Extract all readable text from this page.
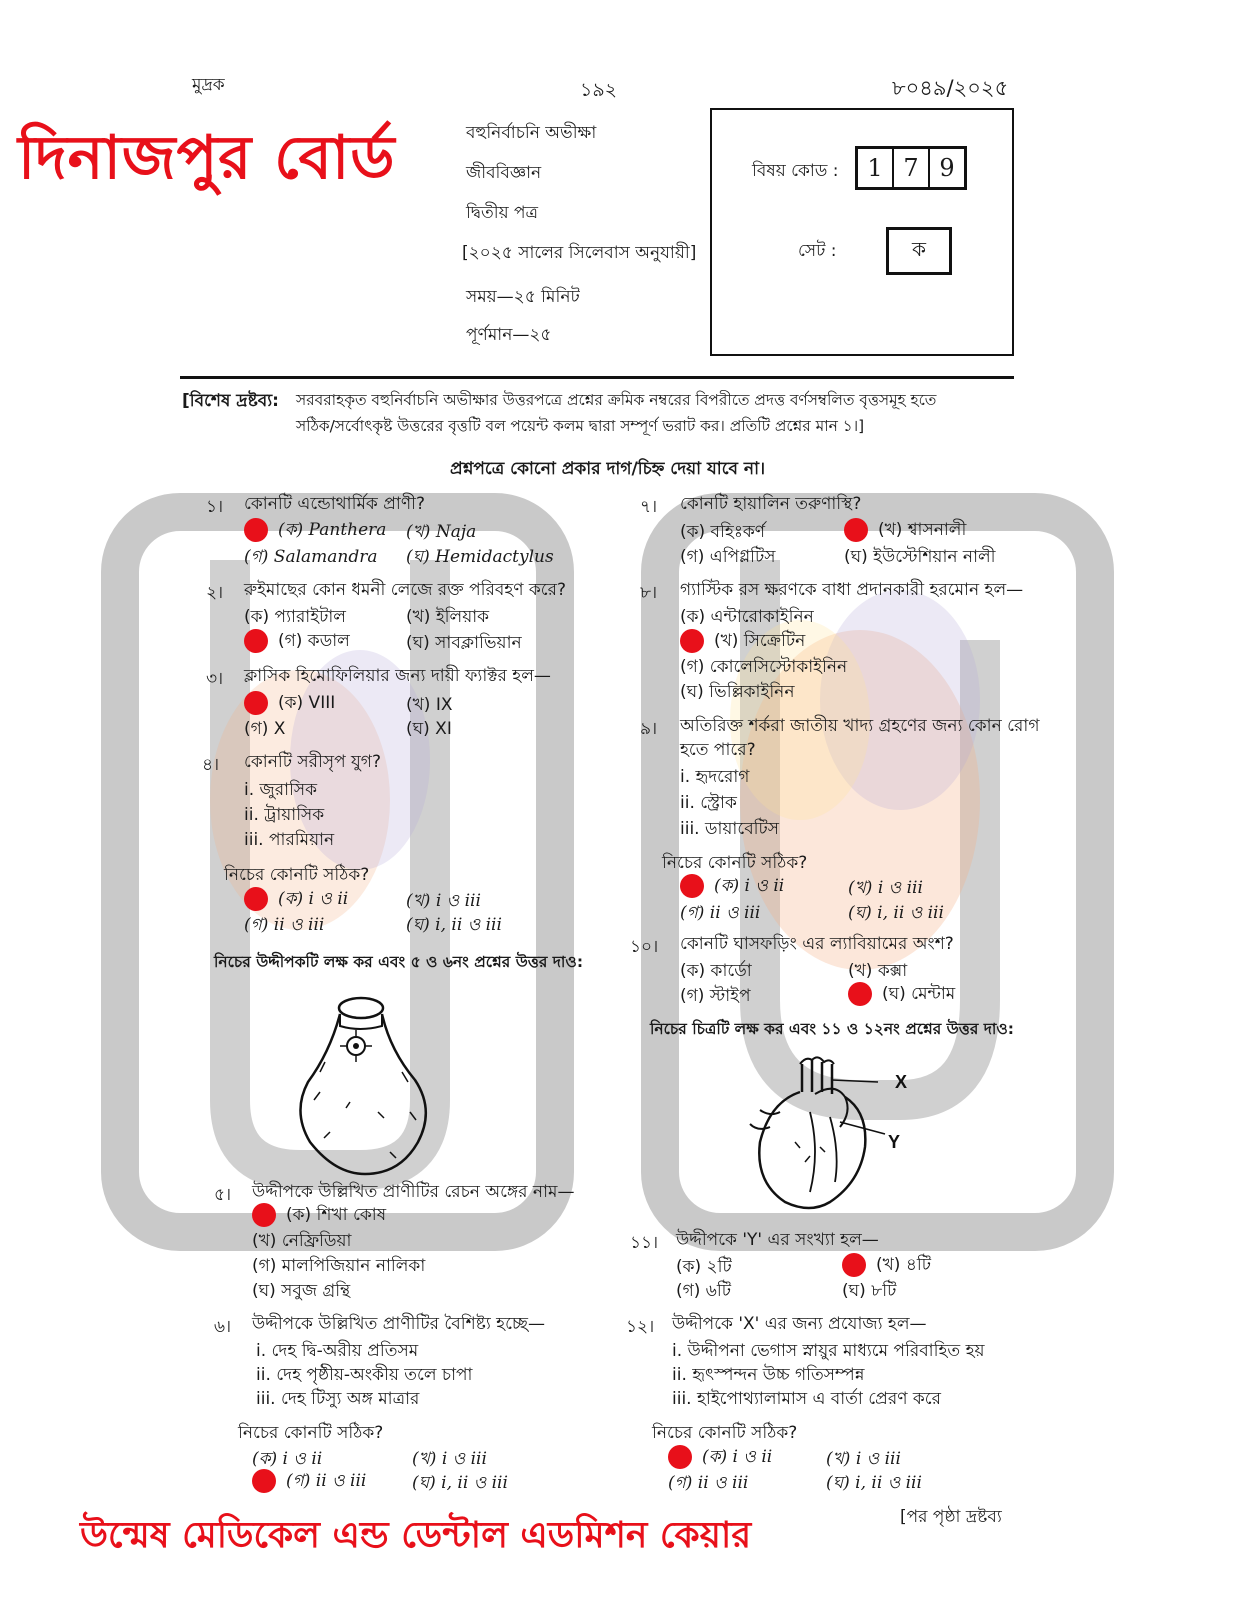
মুদ্রক	১৯২	৮০৪৯/২০২৫
দিনাজপুর বোর্ড	বহুনির্বাচনি অভীক্ষা
জীববিজ্ঞান
দ্বিতীয় পত্র
[২০২৫ সালের সিলেবাস অনুযায়ী]
সময়—২৫ মিনিট
পূর্ণমান—২৫
বিষয় কোড :	1 7 9
সেট :	ক
[বিশেষ দ্রষ্টব্য: সরবরাহকৃত বহুনির্বাচনি অভীক্ষার উত্তরপত্রে প্রশ্নের ক্রমিক নম্বরের বিপরীতে প্রদত্ত বর্ণসম্বলিত বৃত্তসমূহ হতে
সঠিক/সর্বোৎকৃষ্ট উত্তরের বৃত্তটি বল পয়েন্ট কলম দ্বারা সম্পূর্ণ ভরাট কর। প্রতিটি প্রশ্নের মান ১।]
প্রশ্নপত্রে কোনো প্রকার দাগ/চিহ্ন দেয়া যাবে না।
১। কোনটি এন্ডোথার্মিক প্রাণী?
(ক) Panthera (খ) Naja
(গ) Salamandra (ঘ) Hemidactylus
২। রুইমাছের কোন ধমনী লেজে রক্ত পরিবহণ করে?
(ক) প্যারাইটাল	(খ) ইলিয়াক
(গ) কডাল	(ঘ) সাবক্লাভিয়ান
৩। ক্লাসিক হিমোফিলিয়ার জন্য দায়ী ফ্যাক্টর হল—
(ক) VIII	(খ) IX
(গ) X	(ঘ) XI
৪। কোনটি সরীসৃপ যুগ?
i. জুরাসিক
ii. ট্রায়াসিক
iii. পারমিয়ান
নিচের কোনটি সঠিক?
(ক) i ও ii	(খ) i ও iii
(গ) ii ও iii	(ঘ) i, ii ও iii
নিচের উদ্দীপকটি লক্ষ কর এবং ৫ ও ৬নং প্রশ্নের উত্তর দাও:
৫। উদ্দীপকে উল্লিখিত প্রাণীটির রেচন অঙ্গের নাম—
(ক) শিখা কোষ
(খ) নেফ্রিডিয়া
(গ) মালপিজিয়ান নালিকা
(ঘ) সবুজ গ্রন্থি
৬। উদ্দীপকে উল্লিখিত প্রাণীটির বৈশিষ্ট্য হচ্ছে—
i. দেহ দ্বি-অরীয় প্রতিসম
ii. দেহ পৃষ্ঠীয়-অংকীয় তলে চাপা
iii. দেহ টিস্যু অঙ্গ মাত্রার
নিচের কোনটি সঠিক?
(ক) i ও ii	(খ) i ও iii
(গ) ii ও iii	(ঘ) i, ii ও iii
৭। কোনটি হায়ালিন তরুণাস্থি?
(ক) বহিঃকর্ণ	(খ) শ্বাসনালী
(গ) এপিগ্লটিস	(ঘ) ইউস্টেশিয়ান নালী
৮। গ্যাস্টিক রস ক্ষরণকে বাধা প্রদানকারী হরমোন হল—
(ক) এন্টারোকাইনিন
(খ) সিক্রেটিন
(গ) কোলেসিস্টোকাইনিন
(ঘ) ভিল্লিকাইনিন
৯। অতিরিক্ত শর্করা জাতীয় খাদ্য গ্রহণের জন্য কোন রোগ
হতে পারে?
i. হৃদরোগ
ii. স্ট্রোক
iii. ডায়াবেটিস
নিচের কোনটি সঠিক?
(ক) i ও ii	(খ) i ও iii
(গ) ii ও iii	(ঘ) i, ii ও iii
১০। কোনটি ঘাসফড়িং এর ল্যাবিয়ামের অংশ?
(ক) কার্ডো	(খ) কক্সা
(গ) স্টাইপ	(ঘ) মেন্টাম
নিচের চিত্রটি লক্ষ কর এবং ১১ ও ১২নং প্রশ্নের উত্তর দাও:
X
Y
১১। উদ্দীপকে 'Y' এর সংখ্যা হল—
(ক) ২টি	(খ) ৪টি
(গ) ৬টি	(ঘ) ৮টি
১২। উদ্দীপকে 'X' এর জন্য প্রযোজ্য হল—
i. উদ্দীপনা ভেগাস স্নায়ুর মাধ্যমে পরিবাহিত হয়
ii. হৃৎস্পন্দন উচ্চ গতিসম্পন্ন
iii. হাইপোথ্যালামাস এ বার্তা প্রেরণ করে
নিচের কোনটি সঠিক?
(ক) i ও ii	(খ) i ও iii
(গ) ii ও iii	(ঘ) i, ii ও iii
উন্মেষ মেডিকেল এন্ড ডেন্টাল এডমিশন কেয়ার	[পর পৃষ্ঠা দ্রষ্টব্য
